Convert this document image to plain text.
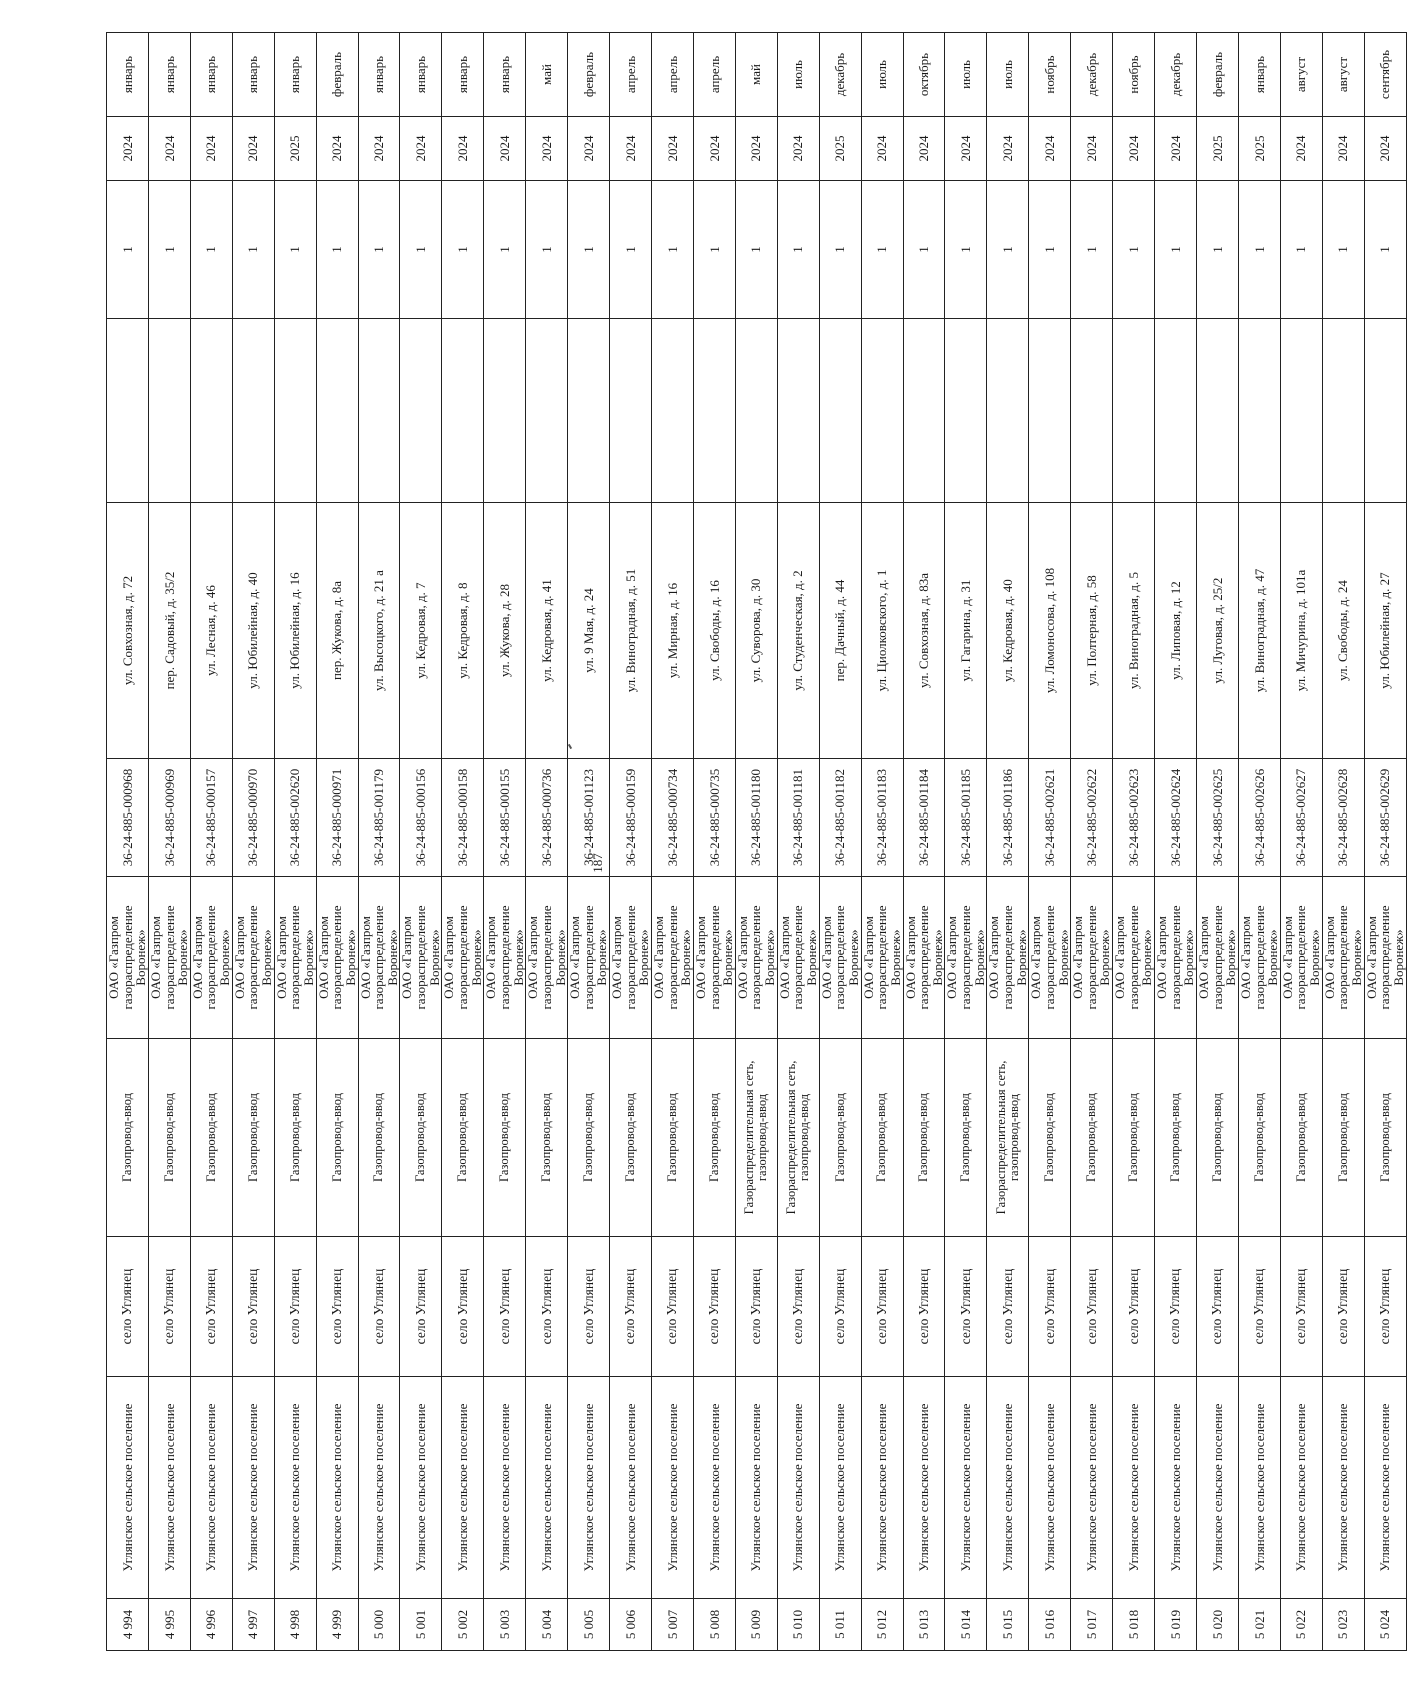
187
4 994	Углянское сельское поселение	село Углянец	Газопровод-ввод	ОАО «Газпром газораспределение Воронеж»	36-24-885-000968	ул. Совхозная, д. 72		1	2024	январь
4 995	Углянское сельское поселение	село Углянец	Газопровод-ввод	ОАО «Газпром газораспределение Воронеж»	36-24-885-000969	пер. Садовый, д. 35/2		1	2024	январь
4 996	Углянское сельское поселение	село Углянец	Газопровод-ввод	ОАО «Газпром газораспределение Воронеж»	36-24-885-000157	ул. Лесная, д. 46		1	2024	январь
4 997	Углянское сельское поселение	село Углянец	Газопровод-ввод	ОАО «Газпром газораспределение Воронеж»	36-24-885-000970	ул. Юбилейная, д. 40		1	2024	январь
4 998	Углянское сельское поселение	село Углянец	Газопровод-ввод	ОАО «Газпром газораспределение Воронеж»	36-24-885-002620	ул. Юбилейная, д. 16		1	2025	январь
4 999	Углянское сельское поселение	село Углянец	Газопровод-ввод	ОАО «Газпром газораспределение Воронеж»	36-24-885-000971	пер. Жукова, д. 8а		1	2024	февраль
5 000	Углянское сельское поселение	село Углянец	Газопровод-ввод	ОАО «Газпром газораспределение Воронеж»	36-24-885-001179	ул. Высоцкого, д. 21 а		1	2024	январь
5 001	Углянское сельское поселение	село Углянец	Газопровод-ввод	ОАО «Газпром газораспределение Воронеж»	36-24-885-000156	ул. Кедровая, д. 7		1	2024	январь
5 002	Углянское сельское поселение	село Углянец	Газопровод-ввод	ОАО «Газпром газораспределение Воронеж»	36-24-885-000158	ул. Кедровая, д. 8		1	2024	январь
5 003	Углянское сельское поселение	село Углянец	Газопровод-ввод	ОАО «Газпром газораспределение Воронеж»	36-24-885-000155	ул. Жукова, д. 28		1	2024	январь
5 004	Углянское сельское поселение	село Углянец	Газопровод-ввод	ОАО «Газпром газораспределение Воронеж»	36-24-885-000736	ул. Кедровая, д. 41		1	2024	май
5 005	Углянское сельское поселение	село Углянец	Газопровод-ввод	ОАО «Газпром газораспределение Воронеж»	36-24-885-001123	ул. 9 Мая, д. 24		1	2024	февраль
5 006	Углянское сельское поселение	село Углянец	Газопровод-ввод	ОАО «Газпром газораспределение Воронеж»	36-24-885-000159	ул. Виноградная, д. 51		1	2024	апрель
5 007	Углянское сельское поселение	село Углянец	Газопровод-ввод	ОАО «Газпром газораспределение Воронеж»	36-24-885-000734	ул. Мирная, д. 16		1	2024	апрель
5 008	Углянское сельское поселение	село Углянец	Газопровод-ввод	ОАО «Газпром газораспределение Воронеж»	36-24-885-000735	ул. Свободы, д. 16		1	2024	апрель
5 009	Углянское сельское поселение	село Углянец	Газораспределительная сеть, газопровод-ввод	ОАО «Газпром газораспределение Воронеж»	36-24-885-001180	ул. Суворова, д. 30		1	2024	май
5 010	Углянское сельское поселение	село Углянец	Газораспределительная сеть, газопровод-ввод	ОАО «Газпром газораспределение Воронеж»	36-24-885-001181	ул. Студенческая, д. 2		1	2024	июль
5 011	Углянское сельское поселение	село Углянец	Газопровод-ввод	ОАО «Газпром газораспределение Воронеж»	36-24-885-001182	пер. Дачный, д. 44		1	2025	декабрь
5 012	Углянское сельское поселение	село Углянец	Газопровод-ввод	ОАО «Газпром газораспределение Воронеж»	36-24-885-001183	ул. Циолковского, д. 1		1	2024	июль
5 013	Углянское сельское поселение	село Углянец	Газопровод-ввод	ОАО «Газпром газораспределение Воронеж»	36-24-885-001184	ул. Совхозная, д. 83а		1	2024	октябрь
5 014	Углянское сельское поселение	село Углянец	Газопровод-ввод	ОАО «Газпром газораспределение Воронеж»	36-24-885-001185	ул. Гагарина, д. 31		1	2024	июль
5 015	Углянское сельское поселение	село Углянец	Газораспределительная сеть, газопровод-ввод	ОАО «Газпром газораспределение Воронеж»	36-24-885-001186	ул. Кедровая, д. 40		1	2024	июль
5 016	Углянское сельское поселение	село Углянец	Газопровод-ввод	ОАО «Газпром газораспределение Воронеж»	36-24-885-002621	ул. Ломоносова, д. 108		1	2024	ноябрь
5 017	Углянское сельское поселение	село Углянец	Газопровод-ввод	ОАО «Газпром газораспределение Воронеж»	36-24-885-002622	ул. Полтерная, д. 58		1	2024	декабрь
5 018	Углянское сельское поселение	село Углянец	Газопровод-ввод	ОАО «Газпром газораспределение Воронеж»	36-24-885-002623	ул. Виноградная, д. 5		1	2024	ноябрь
5 019	Углянское сельское поселение	село Углянец	Газопровод-ввод	ОАО «Газпром газораспределение Воронеж»	36-24-885-002624	ул. Липовая, д. 12		1	2024	декабрь
5 020	Углянское сельское поселение	село Углянец	Газопровод-ввод	ОАО «Газпром газораспределение Воронеж»	36-24-885-002625	ул. Луговая, д. 25/2		1	2025	февраль
5 021	Углянское сельское поселение	село Углянец	Газопровод-ввод	ОАО «Газпром газораспределение Воронеж»	36-24-885-002626	ул. Виноградная, д. 47		1	2025	январь
5 022	Углянское сельское поселение	село Углянец	Газопровод-ввод	ОАО «Газпром газораспределение Воронеж»	36-24-885-002627	ул. Мичурина, д. 101а		1	2024	август
5 023	Углянское сельское поселение	село Углянец	Газопровод-ввод	ОАО «Газпром газораспределение Воронеж»	36-24-885-002628	ул. Свободы, д. 24		1	2024	август
5 024	Углянское сельское поселение	село Углянец	Газопровод-ввод	ОАО «Газпром газораспределение Воронеж»	36-24-885-002629	ул. Юбилейная, д. 27		1	2024	сентябрь
